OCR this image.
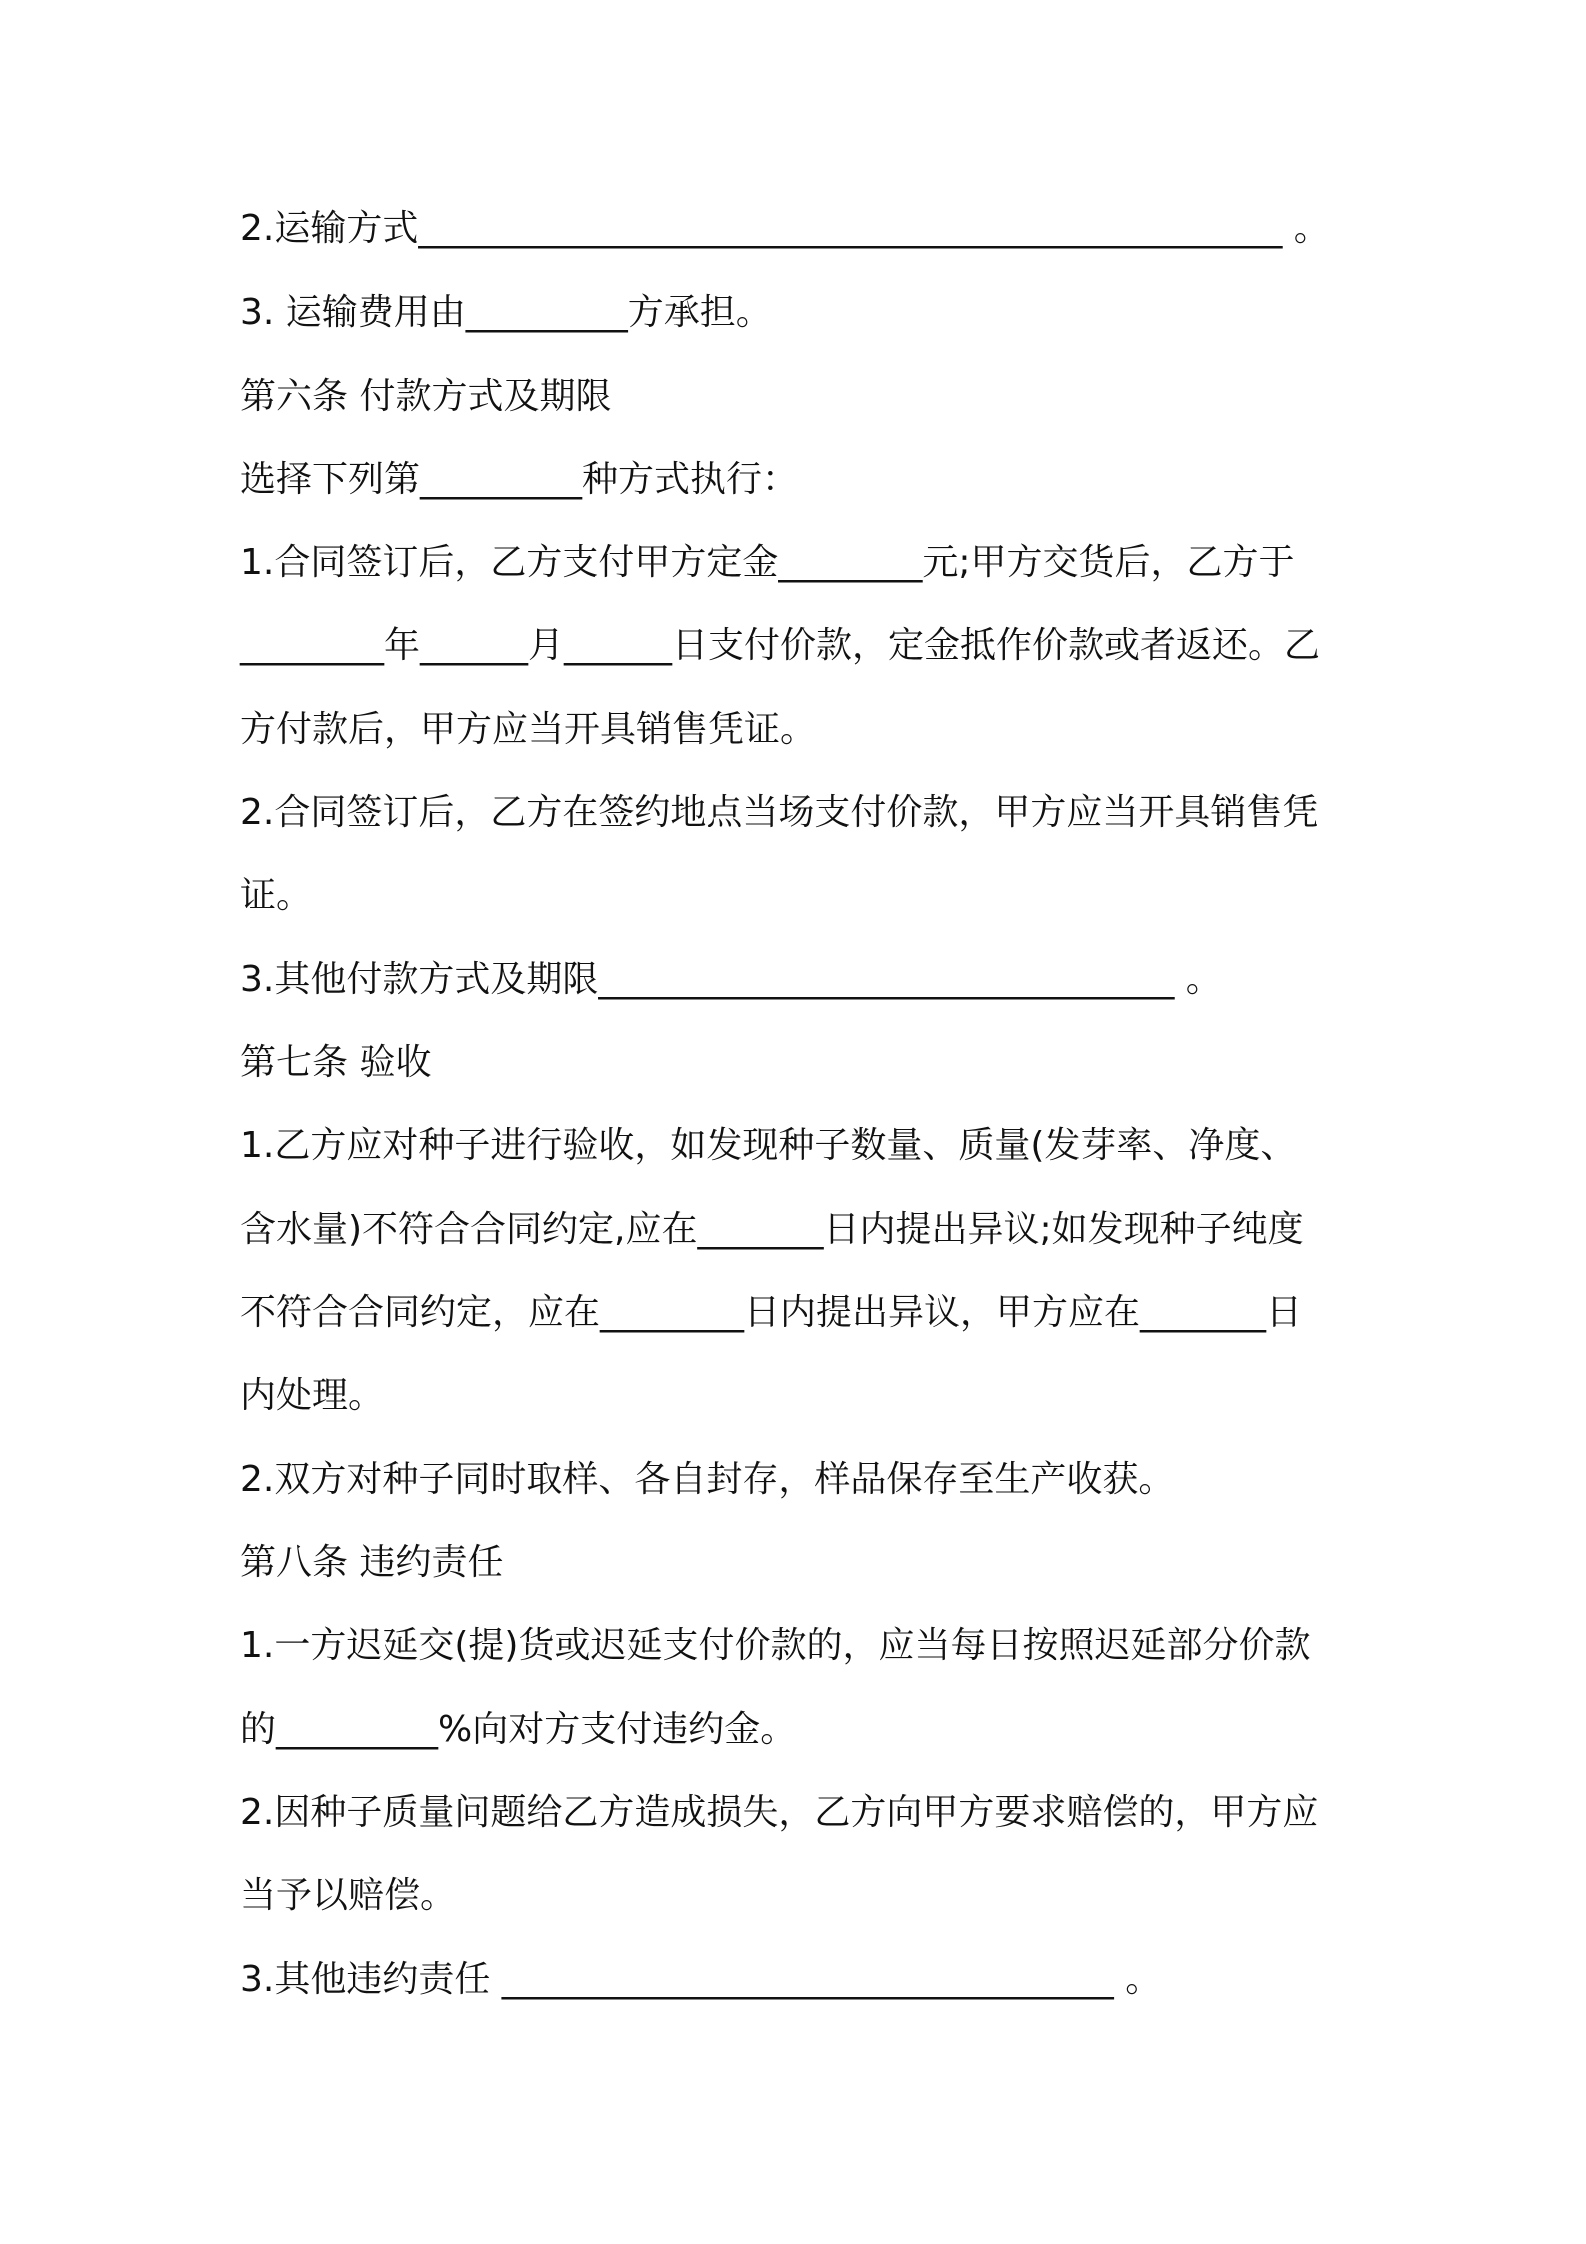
2.运输方式________________________________________________ 。
3. 运输费用由_________方承担。
第六条 付款方式及期限
选择下列第_________种方式执行：
1.合同签订后，乙方支付甲方定金________元;甲方交货后，乙方于
________年______月______日支付价款，定金抵作价款或者返还。乙
方付款后，甲方应当开具销售凭证。
2.合同签订后，乙方在签约地点当场支付价款，甲方应当开具销售凭
证。
3.其他付款方式及期限________________________________ 。
第七条 验收
1.乙方应对种子进行验收，如发现种子数量、质量(发芽率、净度、
含水量)不符合合同约定,应在_______日内提出异议;如发现种子纯度
不符合合同约定，应在________日内提出异议，甲方应在_______日
内处理。
2.双方对种子同时取样、各自封存，样品保存至生产收获。
第八条 违约责任
1.一方迟延交(提)货或迟延支付价款的，应当每日按照迟延部分价款
的_________%向对方支付违约金。
2.因种子质量问题给乙方造成损失，乙方向甲方要求赔偿的，甲方应
当予以赔偿。
3.其他违约责任 __________________________________ 。
